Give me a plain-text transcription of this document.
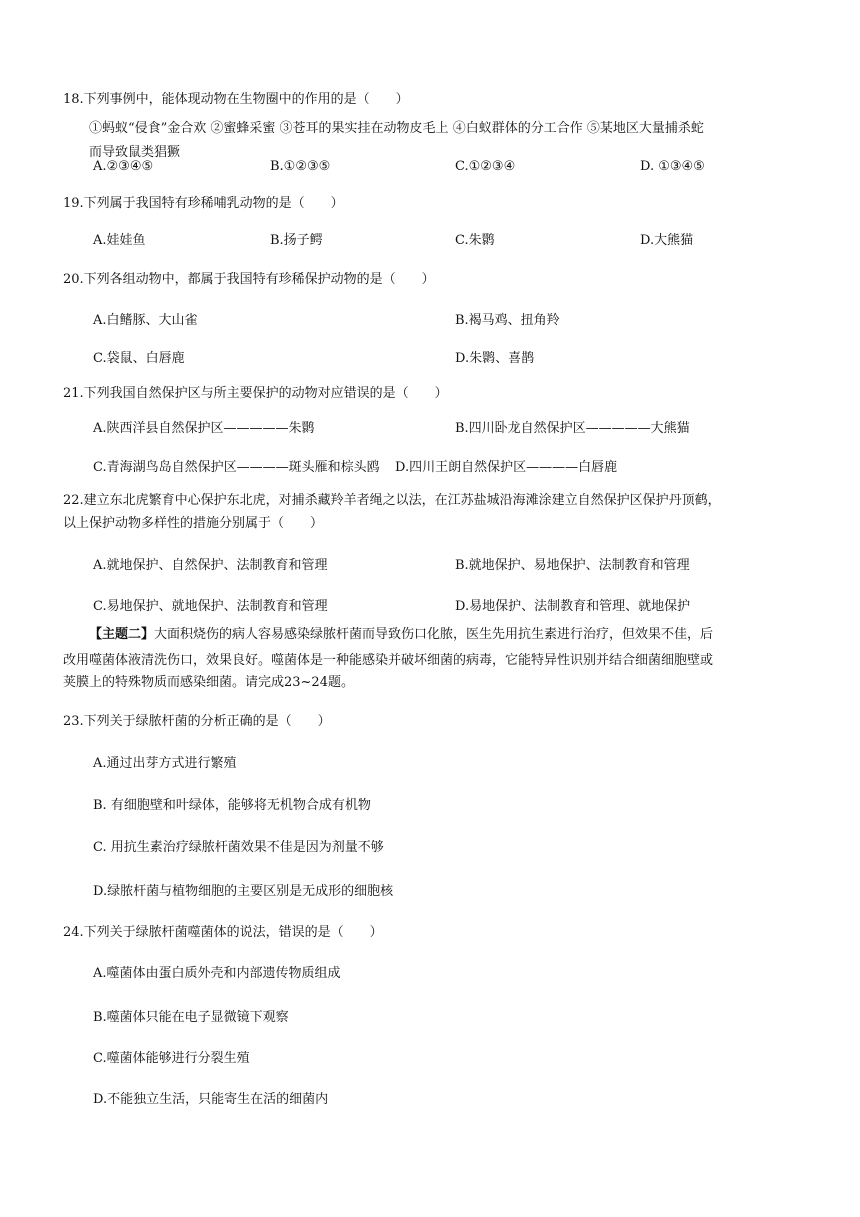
18.下列事例中，能体现动物在生物圈中的作用的是（　　）
①蚂蚁“侵食”金合欢 ②蜜蜂采蜜 ③苍耳的果实挂在动物皮毛上 ④白蚁群体的分工合作 ⑤某地区大量捕杀蛇
而导致鼠类猖獗
A.②③④⑤	B.①②③⑤	C.①②③④	D. ①③④⑤
19.下列属于我国特有珍稀哺乳动物的是（　　）
A.娃娃鱼	B.扬子鳄	C.朱鹮	D.大熊猫
20.下列各组动物中，都属于我国特有珍稀保护动物的是（　　）
A.白鳍豚、大山雀	B.褐马鸡、扭角羚
C.袋鼠、白唇鹿	D.朱鹮、喜鹊
21.下列我国自然保护区与所主要保护的动物对应错误的是（　　）
A.陕西洋县自然保护区—————朱鹮	B.四川卧龙自然保护区—————大熊猫
C.青海湖鸟岛自然保护区————斑头雁和棕头鸥 D.四川王朗自然保护区————白唇鹿
22.建立东北虎繁育中心保护东北虎，对捕杀藏羚羊者绳之以法，在江苏盐城沿海滩涂建立自然保护区保护丹顶鹤，
以上保护动物多样性的措施分别属于（　　）
A.就地保护、自然保护、法制教育和管理	B.就地保护、易地保护、法制教育和管理
C.易地保护、就地保护、法制教育和管理	D.易地保护、法制教育和管理、就地保护
【主题二】大面积烧伤的病人容易感染绿脓杆菌而导致伤口化脓，医生先用抗生素进行治疗，但效果不佳，后
改用噬菌体液清洗伤口，效果良好。噬菌体是一种能感染并破坏细菌的病毒，它能特异性识别并结合细菌细胞壁或
荚膜上的特殊物质而感染细菌。请完成23~24题。
23.下列关于绿脓杆菌的分析正确的是（　　）
A.通过出芽方式进行繁殖
B. 有细胞壁和叶绿体，能够将无机物合成有机物
C. 用抗生素治疗绿脓杆菌效果不佳是因为剂量不够
D.绿脓杆菌与植物细胞的主要区别是无成形的细胞核
24.下列关于绿脓杆菌噬菌体的说法，错误的是（　　）
A.噬菌体由蛋白质外壳和内部遗传物质组成
B.噬菌体只能在电子显微镜下观察
C.噬菌体能够进行分裂生殖
D.不能独立生活，只能寄生在活的细菌内
